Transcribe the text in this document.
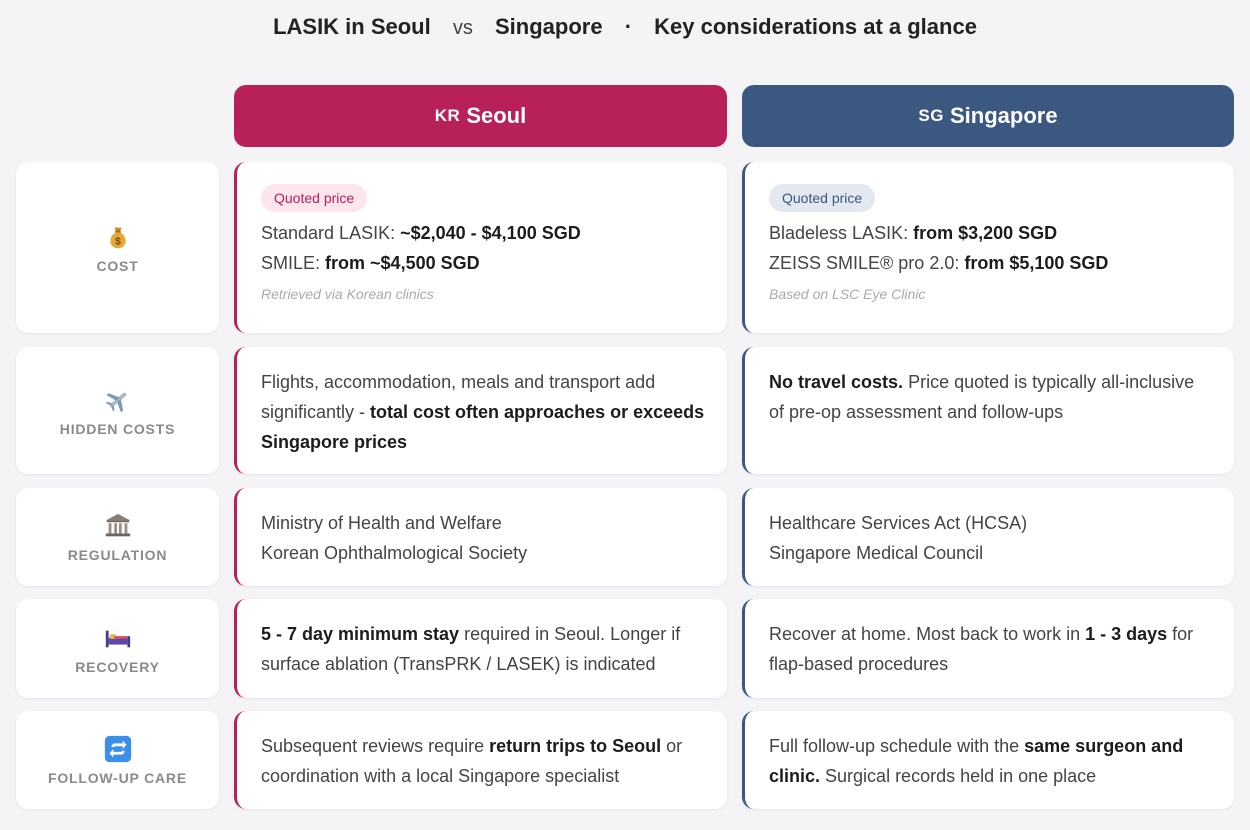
LASIK in Seoul vs Singapore · Key considerations at a glance
KR Seoul	SG Singapore
$
COST
Quoted price
Standard LASIK: ~$2,040 - $4,100 SGD
SMILE: from ~$4,500 SGD
Retrieved via Korean clinics
Quoted price
Bladeless LASIK: from $3,200 SGD
ZEISS SMILE® pro 2.0: from $5,100 SGD
Based on LSC Eye Clinic
HIDDEN COSTS
Flights, accommodation, meals and transport add significantly - total cost often approaches or exceeds Singapore prices
No travel costs. Price quoted is typically all-inclusive of pre-op assessment and follow-ups
REGULATION
Ministry of Health and Welfare
Korean Ophthalmological Society
Healthcare Services Act (HCSA)
Singapore Medical Council
RECOVERY
5 - 7 day minimum stay required in Seoul. Longer if surface ablation (TransPRK / LASEK) is indicated
Recover at home. Most back to work in 1 - 3 days for flap-based procedures
FOLLOW-UP CARE
Subsequent reviews require return trips to Seoul or coordination with a local Singapore specialist
Full follow-up schedule with the same surgeon and clinic. Surgical records held in one place
